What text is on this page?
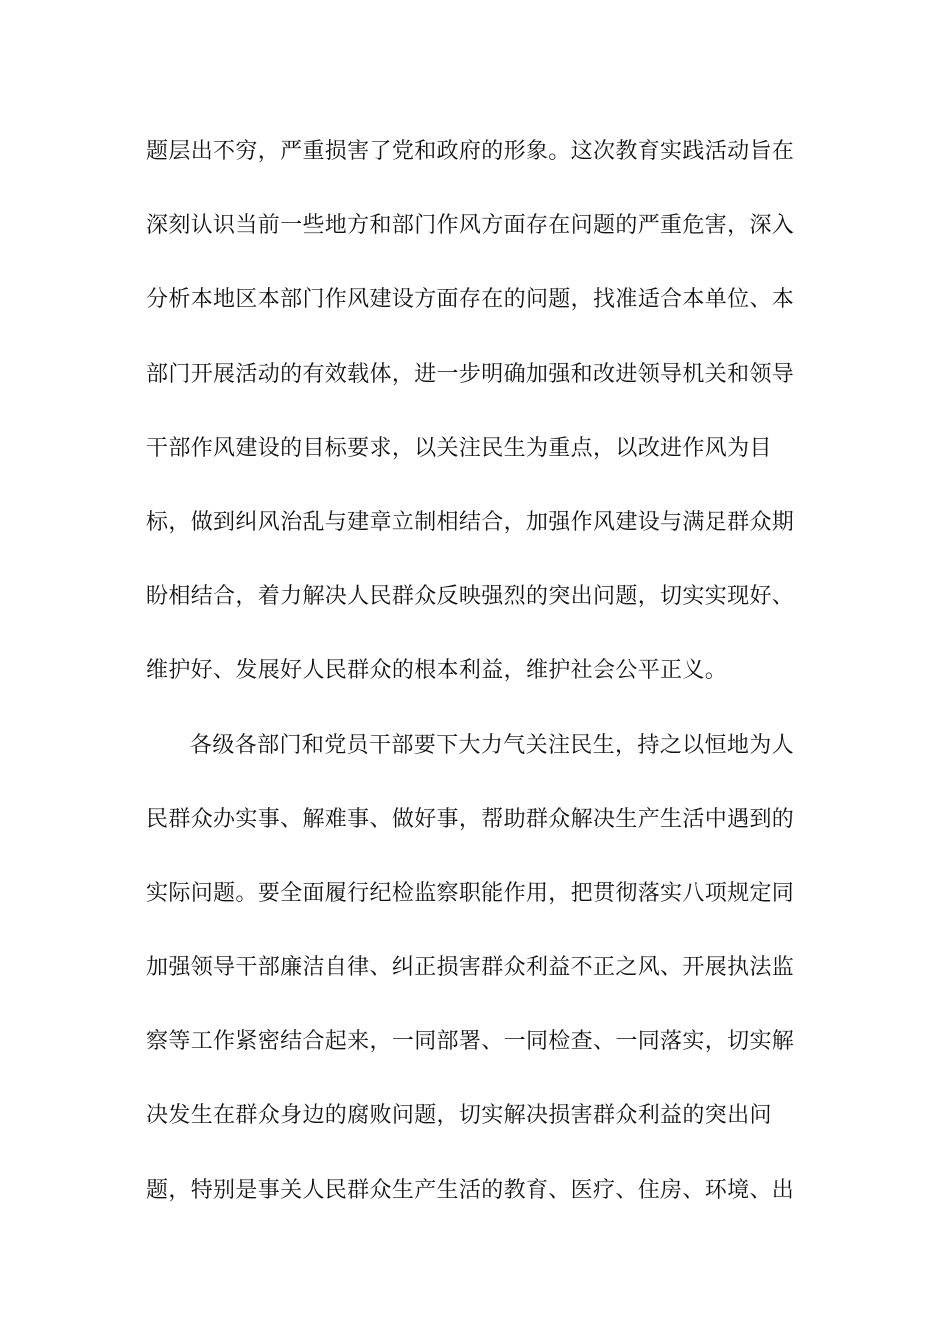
题层出不穷，严重损害了党和政府的形象。这次教育实践活动旨在
深刻认识当前一些地方和部门作风方面存在问题的严重危害，深入
分析本地区本部门作风建设方面存在的问题，找准适合本单位、本
部门开展活动的有效载体，进一步明确加强和改进领导机关和领导
干部作风建设的目标要求，以关注民生为重点，以改进作风为目
标，做到纠风治乱与建章立制相结合，加强作风建设与满足群众期
盼相结合，着力解决人民群众反映强烈的突出问题，切实实现好、
维护好、发展好人民群众的根本利益，维护社会公平正义。
各级各部门和党员干部要下大力气关注民生，持之以恒地为人
民群众办实事、解难事、做好事，帮助群众解决生产生活中遇到的
实际问题。要全面履行纪检监察职能作用，把贯彻落实八项规定同
加强领导干部廉洁自律、纠正损害群众利益不正之风、开展执法监
察等工作紧密结合起来，一同部署、一同检查、一同落实，切实解
决发生在群众身边的腐败问题，切实解决损害群众利益的突出问
题，特别是事关人民群众生产生活的教育、医疗、住房、环境、出
